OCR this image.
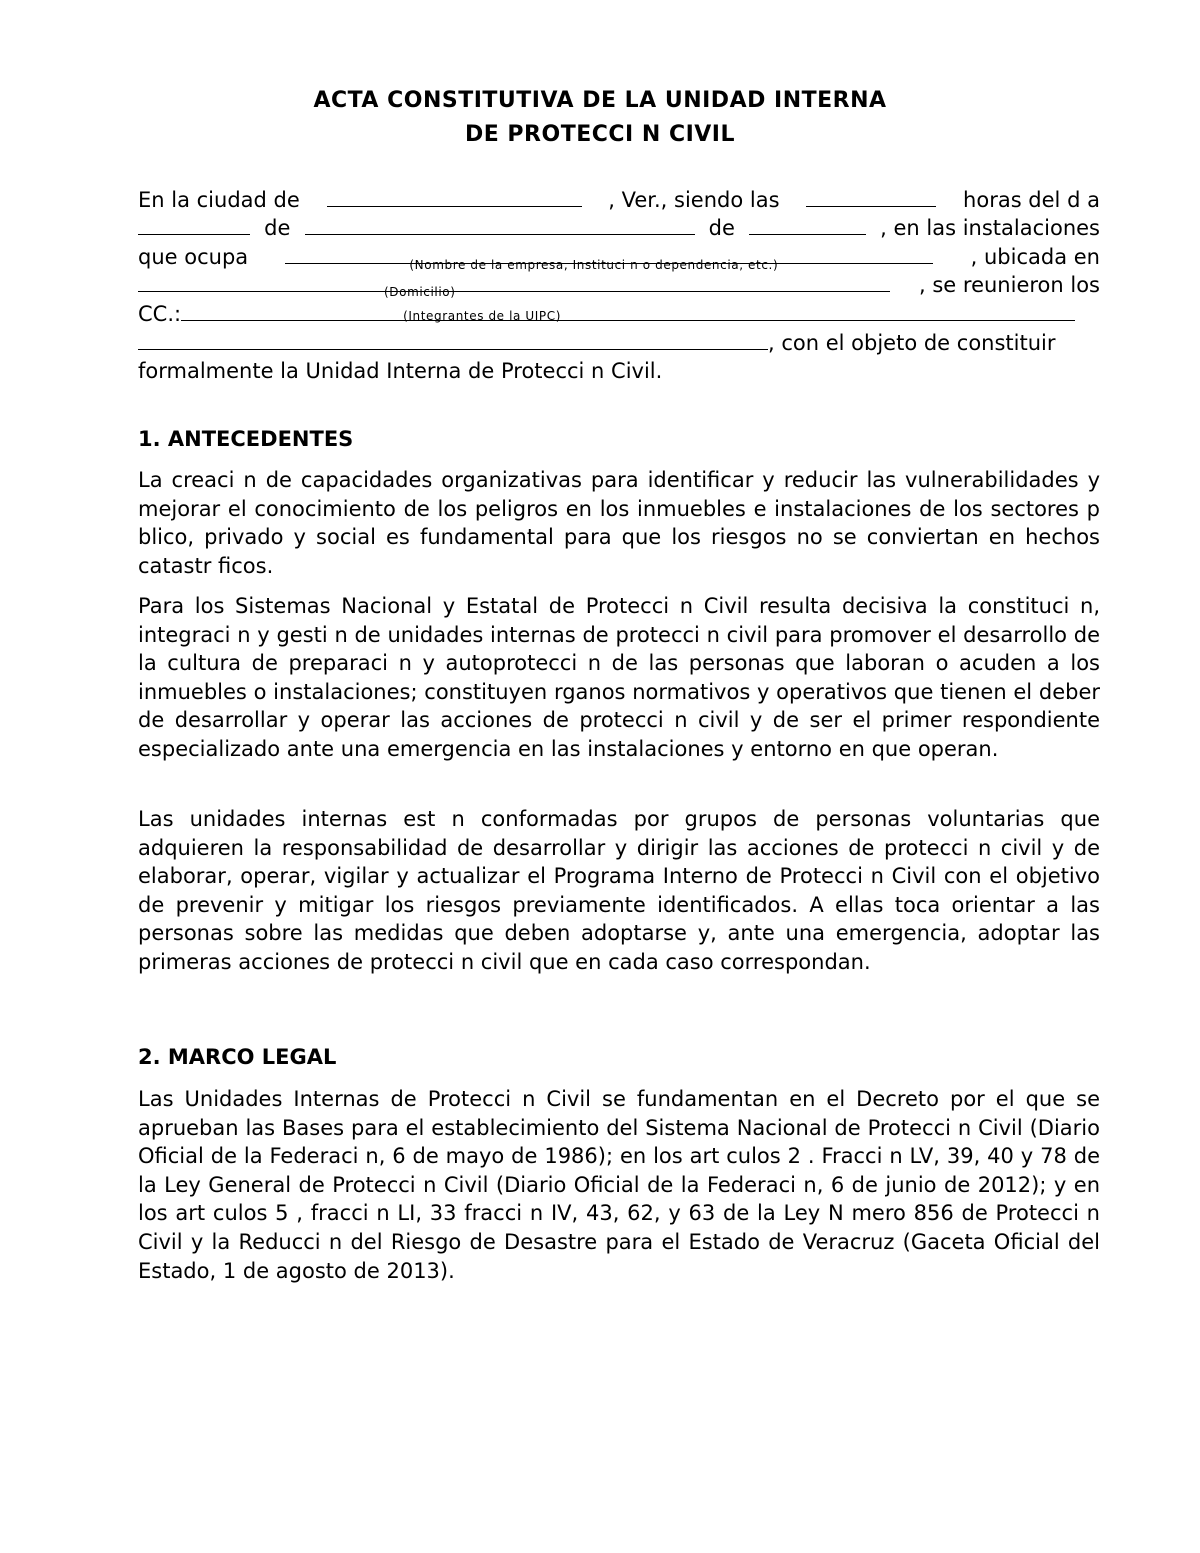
ACTA CONSTITUTIVA DE LA UNIDAD INTERNA
DE PROTECCI N CIVIL
En la ciudad de	, Ver., siendo las	horas del d a
de	de	, en las instalaciones
que ocupa	(Nombre de la empresa, Instituci n o dependencia, etc.)	, ubicada en
(Domicilio)	, se reunieron los
CC.:	(Integrantes de la UIPC)
, con el objeto de constituir
formalmente la Unidad Interna de Protecci n Civil.
1. ANTECEDENTES
La creaci n de capacidades organizativas para identificar y reducir las vulnerabilidades y mejorar el conocimiento de los peligros en los inmuebles e instalaciones de los sectores p blico, privado y social es fundamental para que los riesgos no se conviertan en hechos catastr ficos.
Para los Sistemas Nacional y Estatal de Protecci n Civil resulta decisiva la constituci n, integraci n y gesti n de unidades internas de protecci n civil para promover el desarrollo de la cultura de preparaci n y autoprotecci n de las personas que laboran o acuden a los inmuebles o instalaciones; constituyen rganos normativos y operativos que tienen el deber de desarrollar y operar las acciones de protecci n civil y de ser el primer respondiente especializado ante una emergencia en las instalaciones y entorno en que operan.
Las unidades internas est n conformadas por grupos de personas voluntarias que adquieren la responsabilidad de desarrollar y dirigir las acciones de protecci n civil y de elaborar, operar, vigilar y actualizar el Programa Interno de Protecci n Civil con el objetivo de prevenir y mitigar los riesgos previamente identificados. A ellas toca orientar a las personas sobre las medidas que deben adoptarse y, ante una emergencia, adoptar las primeras acciones de protecci n civil que en cada caso correspondan.
2. MARCO LEGAL
Las Unidades Internas de Protecci n Civil se fundamentan en el Decreto por el que se aprueban las Bases para el establecimiento del Sistema Nacional de Protecci n Civil (Diario Oficial de la Federaci n, 6 de mayo de 1986); en los art culos 2 . Fracci n LV, 39, 40 y 78 de la Ley General de Protecci n Civil (Diario Oficial de la Federaci n, 6 de junio de 2012); y en los art culos 5 , fracci n LI, 33 fracci n IV, 43, 62, y 63 de la Ley N mero 856 de Protecci n Civil y la Reducci n del Riesgo de Desastre para el Estado de Veracruz (Gaceta Oficial del Estado, 1 de agosto de 2013).
